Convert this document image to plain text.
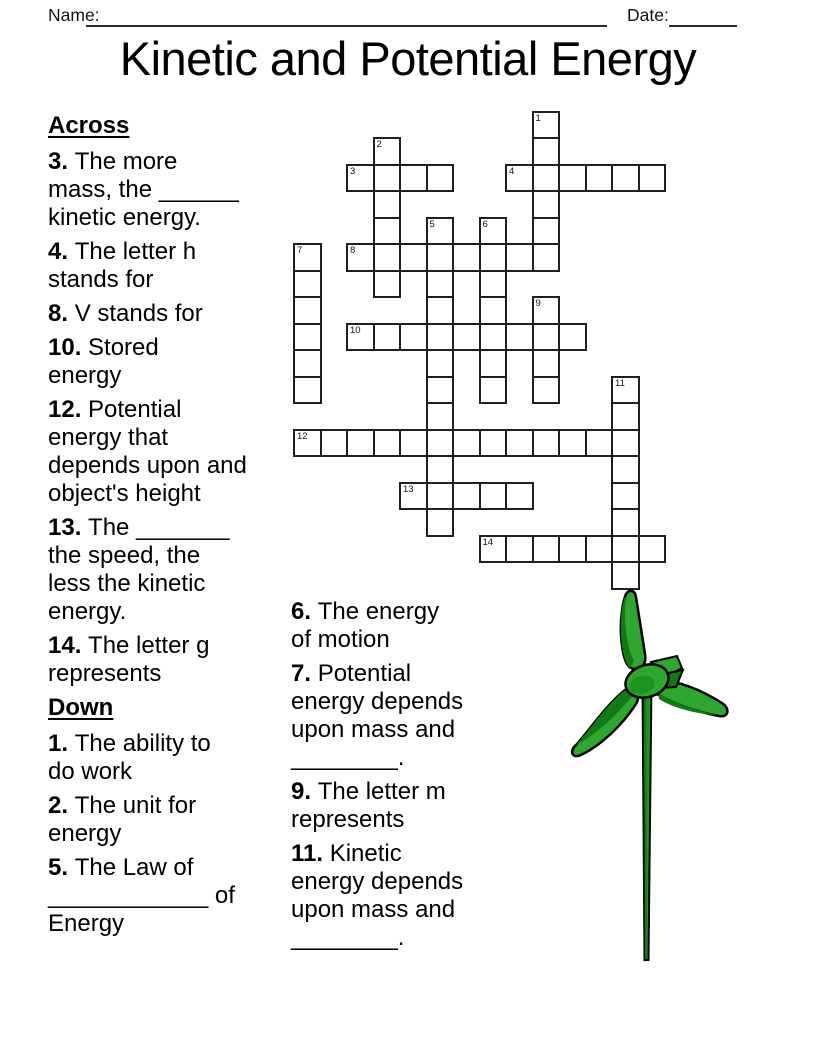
Name:	Date:
Kinetic and Potential Energy
1
2
3	4
5	6
7	8
9
10
11
12
13
14
Across
3. The more
mass, the ______
kinetic energy.
4. The letter h
stands for
8. V stands for
10. Stored
energy
12. Potential
energy that
depends upon and
object's height
13. The _______
the speed, the
less the kinetic
energy.
14. The letter g
represents
Down
1. The ability to
do work
2. The unit for
energy
5. The Law of
____________ of
Energy
6. The energy
of motion
7. Potential
energy depends
upon mass and
________.
9. The letter m
represents
11. Kinetic
energy depends
upon mass and
________.
